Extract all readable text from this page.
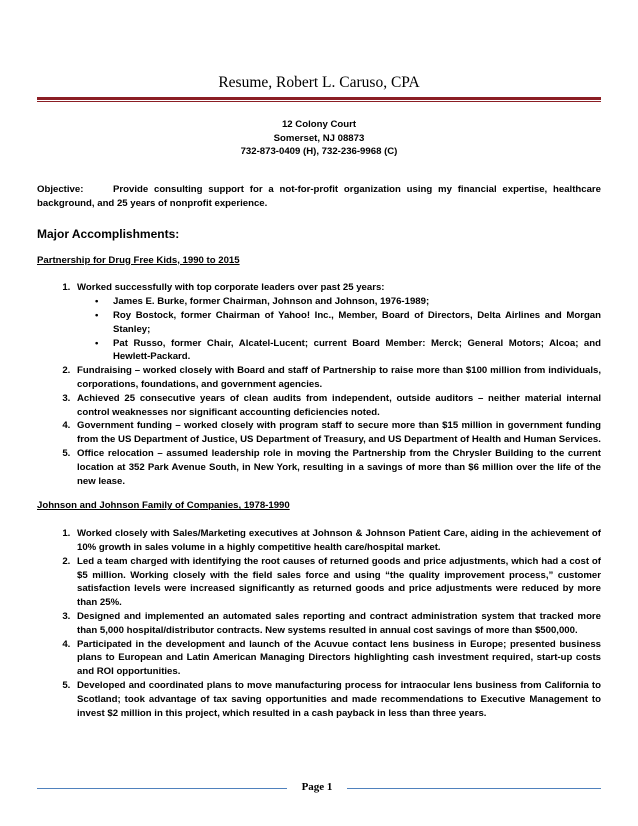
Resume, Robert L. Caruso, CPA
12 Colony Court
Somerset, NJ 08873
732-873-0409 (H), 732-236-9968 (C)

Objective:	Provide consulting support for a not-for-profit organization using my financial expertise, healthcare background, and 25 years of nonprofit experience.

Major Accomplishments:
Partnership for Drug Free Kids, 1990 to 2015
1. Worked successfully with top corporate leaders over past 25 years:
• James E. Burke, former Chairman, Johnson and Johnson, 1976-1989;
• Roy Bostock, former Chairman of Yahoo! Inc., Member, Board of Directors, Delta Airlines and Morgan Stanley;
• Pat Russo, former Chair, Alcatel-Lucent; current Board Member: Merck; General Motors; Alcoa; and Hewlett-Packard.
2. Fundraising – worked closely with Board and staff of Partnership to raise more than $100 million from individuals, corporations, foundations, and government agencies.
3. Achieved 25 consecutive years of clean audits from independent, outside auditors – neither material internal control weaknesses nor significant accounting deficiencies noted.
4. Government funding – worked closely with program staff to secure more than $15 million in government funding from the US Department of Justice, US Department of Treasury, and US Department of Health and Human Services.
5. Office relocation – assumed leadership role in moving the Partnership from the Chrysler Building to the current location at 352 Park Avenue South, in New York, resulting in a savings of more than $6 million over the life of the new lease.
Johnson and Johnson Family of Companies, 1978-1990
1. Worked closely with Sales/Marketing executives at Johnson & Johnson Patient Care, aiding in the achievement of 10% growth in sales volume in a highly competitive health care/hospital market.
2. Led a team charged with identifying the root causes of returned goods and price adjustments, which had a cost of $5 million. Working closely with the field sales force and using “the quality improvement process,” customer satisfaction levels were increased significantly as returned goods and price adjustments were reduced by more than 25%.
3. Designed and implemented an automated sales reporting and contract administration system that tracked more than 5,000 hospital/distributor contracts. New systems resulted in annual cost savings of more than $500,000.
4. Participated in the development and launch of the Acuvue contact lens business in Europe; presented business plans to European and Latin American Managing Directors highlighting cash investment required, start-up costs and ROI opportunities.
5. Developed and coordinated plans to move manufacturing process for intraocular lens business from California to Scotland; took advantage of tax saving opportunities and made recommendations to Executive Management to invest $2 million in this project, which resulted in a cash payback in less than three years.
Page 1
